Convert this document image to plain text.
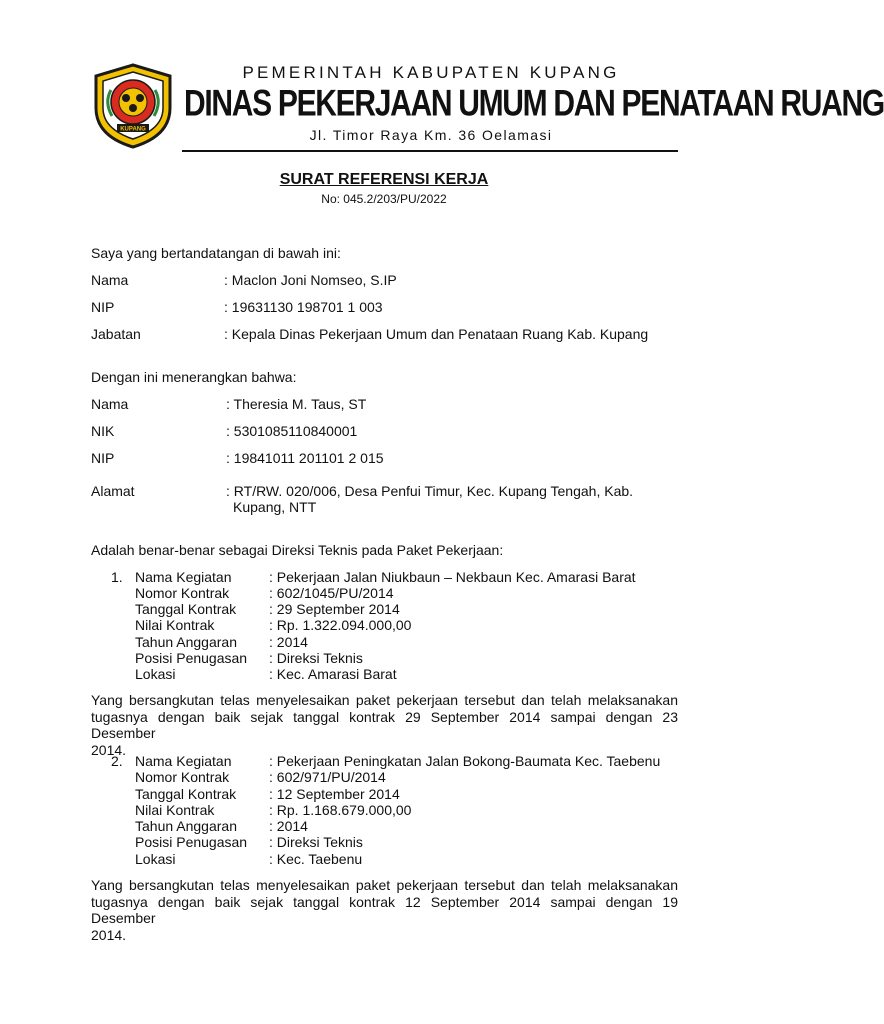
KUPANG
PEMERINTAH KABUPATEN KUPANG
DINAS PEKERJAAN UMUM DAN PENATAAN RUANG
Jl. Timor Raya Km. 36 Oelamasi
SURAT REFERENSI KERJA
No: 045.2/203/PU/2022
Saya yang bertandatangan di bawah ini:
Nama	: Maclon Joni Nomseo, S.IP
NIP	: 19631130 198701 1 003
Jabatan	: Kepala Dinas Pekerjaan Umum dan Penataan Ruang Kab. Kupang
Dengan ini menerangkan bahwa:
Nama	: Theresia M. Taus, ST
NIK	: 5301085110840001
NIP	: 19841011 201101 2 015
Alamat	: RT/RW. 020/006, Desa Penfui Timur, Kec. Kupang Tengah, Kab.
Kupang, NTT
Adalah benar-benar sebagai Direksi Teknis pada Paket Pekerjaan:
1. Nama Kegiatan	: Pekerjaan Jalan Niukbaun – Nekbaun Kec. Amarasi Barat
Nomor Kontrak	: 602/1045/PU/2014
Tanggal Kontrak : 29 September 2014
Nilai Kontrak	: Rp. 1.322.094.000,00
Tahun Anggaran : 2014
Posisi Penugasan : Direksi Teknis
Lokasi	: Kec. Amarasi Barat
Yang bersangkutan telas menyelesaikan paket pekerjaan tersebut dan telah melaksanakan
tugasnya dengan baik sejak tanggal kontrak 29 September 2014 sampai dengan 23 Desember
2014.
2. Nama Kegiatan	: Pekerjaan Peningkatan Jalan Bokong-Baumata Kec. Taebenu
Nomor Kontrak	: 602/971/PU/2014
Tanggal Kontrak : 12 September 2014
Nilai Kontrak	: Rp. 1.168.679.000,00
Tahun Anggaran : 2014
Posisi Penugasan : Direksi Teknis
Lokasi	: Kec. Taebenu
Yang bersangkutan telas menyelesaikan paket pekerjaan tersebut dan telah melaksanakan
tugasnya dengan baik sejak tanggal kontrak 12 September 2014 sampai dengan 19 Desember
2014.
